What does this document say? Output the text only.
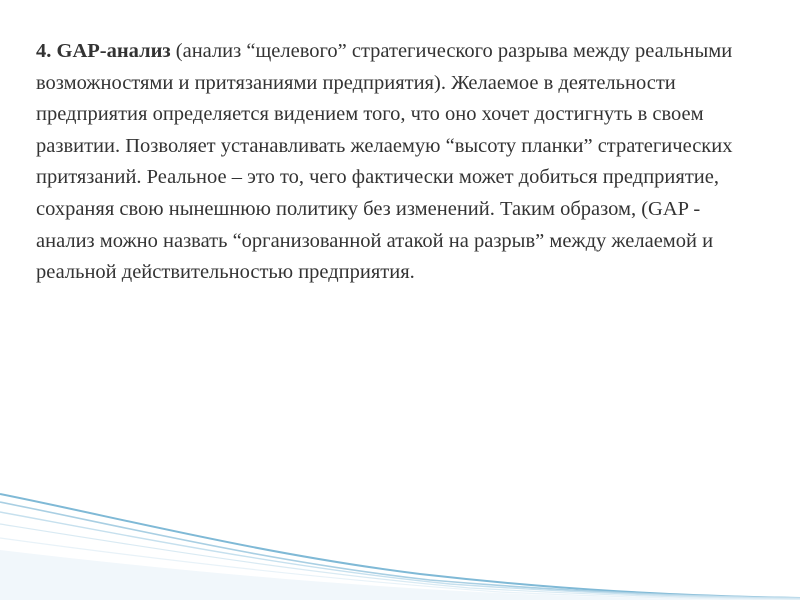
4. GAP-анализ (анализ “щелевого” стратегического разрыва между реальными возможностями и притязаниями предприятия). Желаемое в деятельности предприятия определяется видением того, что оно хочет достигнуть в своем развитии. Позволяет устанавливать желаемую “высоту планки” стратегических притязаний. Реальное – это то, чего фактически может добиться предприятие, сохраняя свою нынешнюю политику без изменений. Таким образом, (GAP - анализ можно назвать “организованной атакой на разрыв” между желаемой и реальной действительностью предприятия.
